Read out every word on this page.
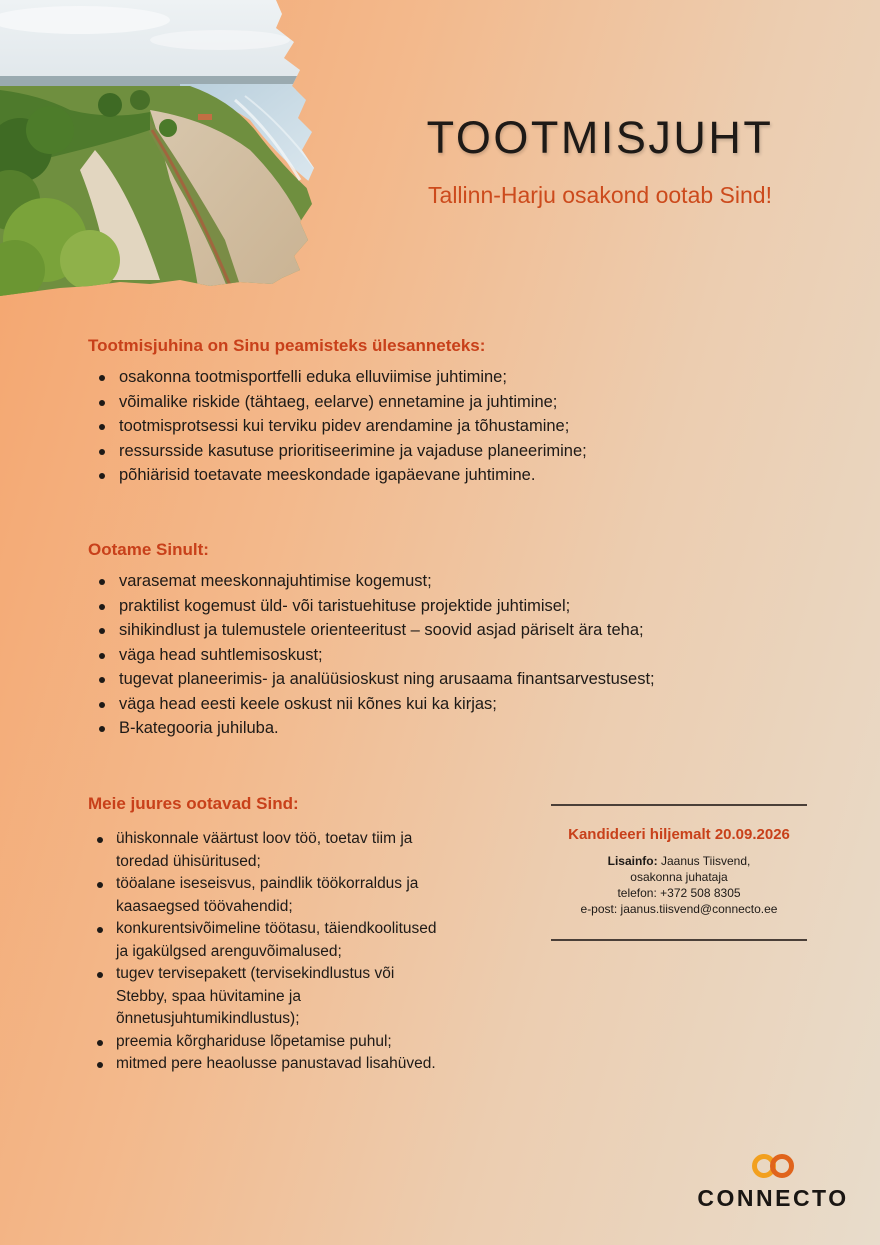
TOOTMISJUHT
Tallinn-Harju osakond ootab Sind!
Tootmisjuhina on Sinu peamisteks ülesanneteks:
osakonna tootmisportfelli eduka elluviimise juhtimine;
võimalike riskide (tähtaeg, eelarve) ennetamine ja juhtimine;
tootmisprotsessi kui terviku pidev arendamine ja tõhustamine;
ressursside kasutuse prioritiseerimine ja vajaduse planeerimine;
põhiärisid toetavate meeskondade igapäevane juhtimine.
Ootame Sinult:
varasemat meeskonnajuhtimise kogemust;
praktilist kogemust üld- või taristuehituse projektide juhtimisel;
sihikindlust ja tulemustele orienteeritust – soovid asjad päriselt ära teha;
väga head suhtlemisoskust;
tugevat planeerimis- ja analüüsioskust ning arusaama finantsarvestusest;
väga head eesti keele oskust nii kõnes kui ka kirjas;
B-kategooria juhiluba.
Meie juures ootavad Sind:
ühiskonnale väärtust loov töö, toetav tiim ja toredad ühisüritused;
tööalane iseseisvus, paindlik töökorraldus ja kaasaegsed töövahendid;
konkurentsivõimeline töötasu, täiendkoolitused ja igakülgsed arenguvõimalused;
tugev tervisepakett (tervisekindlustus või Stebby, spaa hüvitamine ja õnnetusjuhtumikindlustus);
preemia kõrghariduse lõpetamise puhul;
mitmed pere heaolusse panustavad lisahüved.
Kandideeri hiljemalt 20.09.2026
Lisainfo: Jaanus Tiisvend,
osakonna juhataja
telefon: +372 508 8305
e-post: jaanus.tiisvend@connecto.ee
CONNECTO
